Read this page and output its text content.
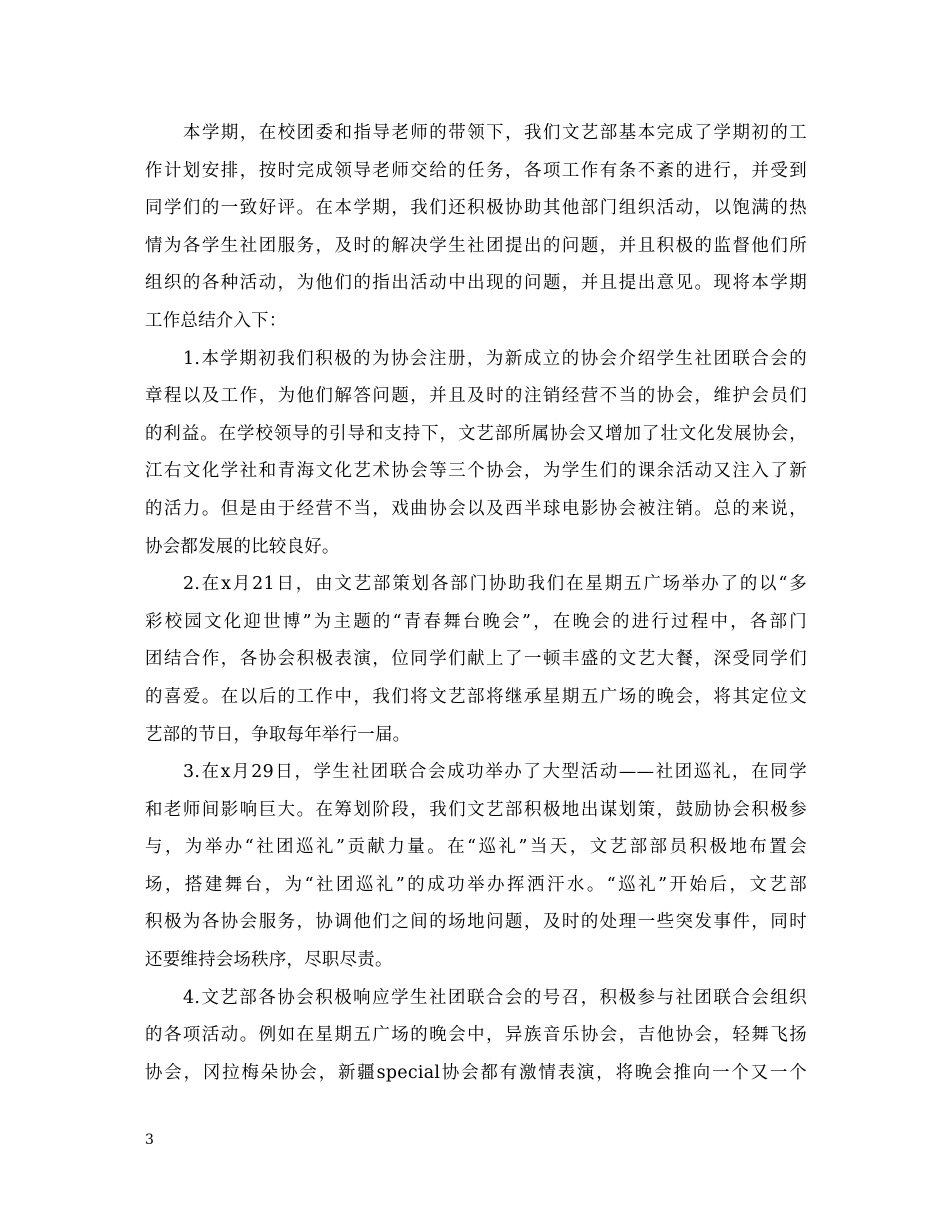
本学期，在校团委和指导老师的带领下，我们文艺部基本完成了学期初的工
作计划安排，按时完成领导老师交给的任务，各项工作有条不紊的进行，并受到
同学们的一致好评。在本学期，我们还积极协助其他部门组织活动，以饱满的热
情为各学生社团服务，及时的解决学生社团提出的问题，并且积极的监督他们所
组织的各种活动，为他们的指出活动中出现的问题，并且提出意见。现将本学期
工作总结介入下：
1.本学期初我们积极的为协会注册，为新成立的协会介绍学生社团联合会的
章程以及工作，为他们解答问题，并且及时的注销经营不当的协会，维护会员们
的利益。在学校领导的引导和支持下，文艺部所属协会又增加了壮文化发展协会，
江右文化学社和青海文化艺术协会等三个协会，为学生们的课余活动又注入了新
的活力。但是由于经营不当，戏曲协会以及西半球电影协会被注销。总的来说，
协会都发展的比较良好。
2.在x月21日，由文艺部策划各部门协助我们在星期五广场举办了的以“多
彩校园文化迎世博”为主题的“青春舞台晚会”，在晚会的进行过程中，各部门
团结合作，各协会积极表演，位同学们献上了一顿丰盛的文艺大餐，深受同学们
的喜爱。在以后的工作中，我们将文艺部将继承星期五广场的晚会，将其定位文
艺部的节日，争取每年举行一届。
3.在x月29日，学生社团联合会成功举办了大型活动——社团巡礼，在同学
和老师间影响巨大。在筹划阶段，我们文艺部积极地出谋划策，鼓励协会积极参
与，为举办“社团巡礼”贡献力量。在“巡礼”当天，文艺部部员积极地布置会
场，搭建舞台，为“社团巡礼”的成功举办挥洒汗水。“巡礼”开始后，文艺部
积极为各协会服务，协调他们之间的场地问题，及时的处理一些突发事件，同时
还要维持会场秩序，尽职尽责。
4.文艺部各协会积极响应学生社团联合会的号召，积极参与社团联合会组织
的各项活动。例如在星期五广场的晚会中，异族音乐协会，吉他协会，轻舞飞扬
协会，冈拉梅朵协会，新疆special协会都有激情表演，将晚会推向一个又一个
3
